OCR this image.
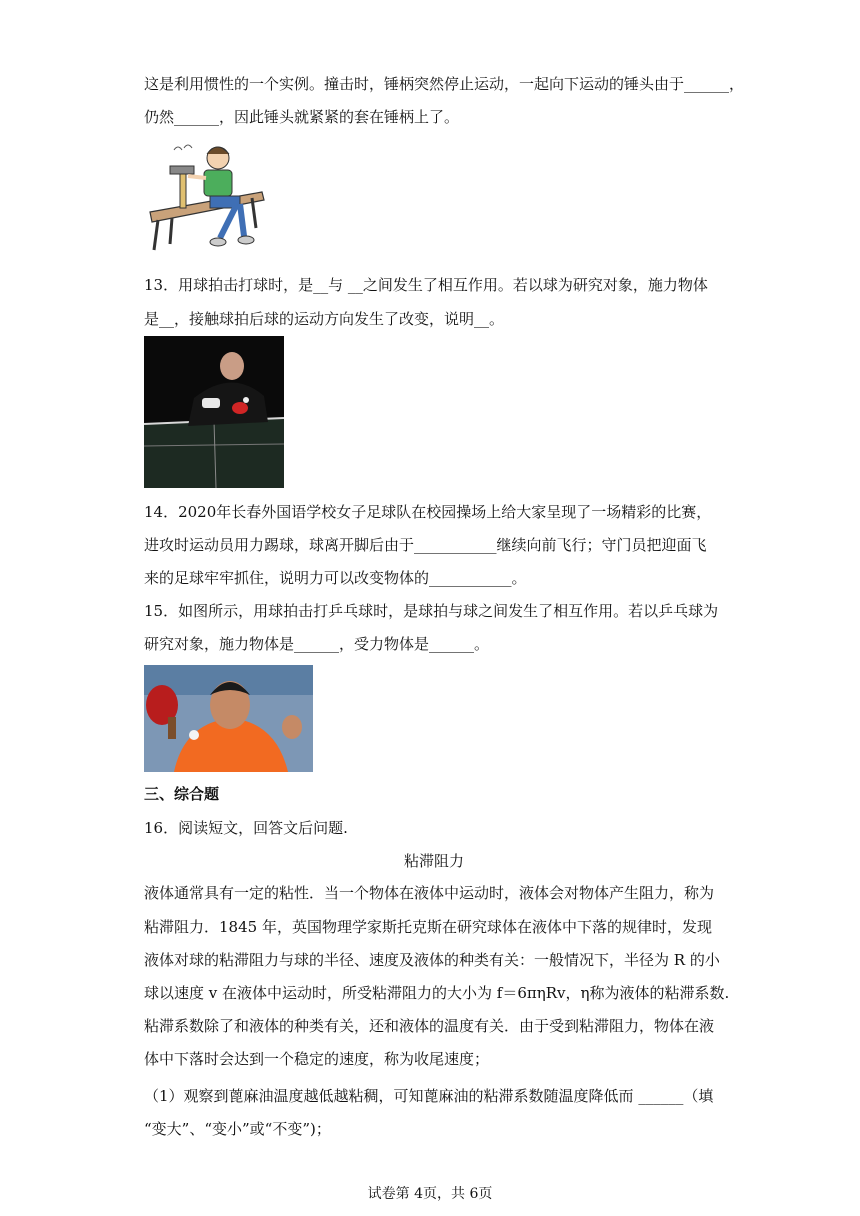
这是利用惯性的一个实例。撞击时，锤柄突然停止运动，一起向下运动的锤头由于______，
仍然______，因此锤头就紧紧的套在锤柄上了。
13．用球拍击打球时，是__与 __之间发生了相互作用。若以球为研究对象，施力物体
是__，接触球拍后球的运动方向发生了改变，说明__。
14．2020年长春外国语学校女子足球队在校园操场上给大家呈现了一场精彩的比赛，
进攻时运动员用力踢球，球离开脚后由于___________继续向前飞行；守门员把迎面飞
来的足球牢牢抓住，说明力可以改变物体的___________。
15．如图所示，用球拍击打乒乓球时，是球拍与球之间发生了相互作用。若以乒乓球为
研究对象，施力物体是______，受力物体是______。
三、综合题
16．阅读短文，回答文后问题.
粘滞阻力
液体通常具有一定的粘性．当一个物体在液体中运动时，液体会对物体产生阻力，称为
粘滞阻力．1845 年，英国物理学家斯托克斯在研究球体在液体中下落的规律时，发现
液体对球的粘滞阻力与球的半径、速度及液体的种类有关：一般情况下，半径为 R 的小
球以速度 v 在液体中运动时，所受粘滞阻力的大小为 f＝6πηRv，η称为液体的粘滞系数.
粘滞系数除了和液体的种类有关，还和液体的温度有关．由于受到粘滞阻力，物体在液
体中下落时会达到一个稳定的速度，称为收尾速度；
（1）观察到蓖麻油温度越低越粘稠，可知蓖麻油的粘滞系数随温度降低而 ______（填
“变大”、“变小”或“不变”)；
试卷第 4页，共 6页
